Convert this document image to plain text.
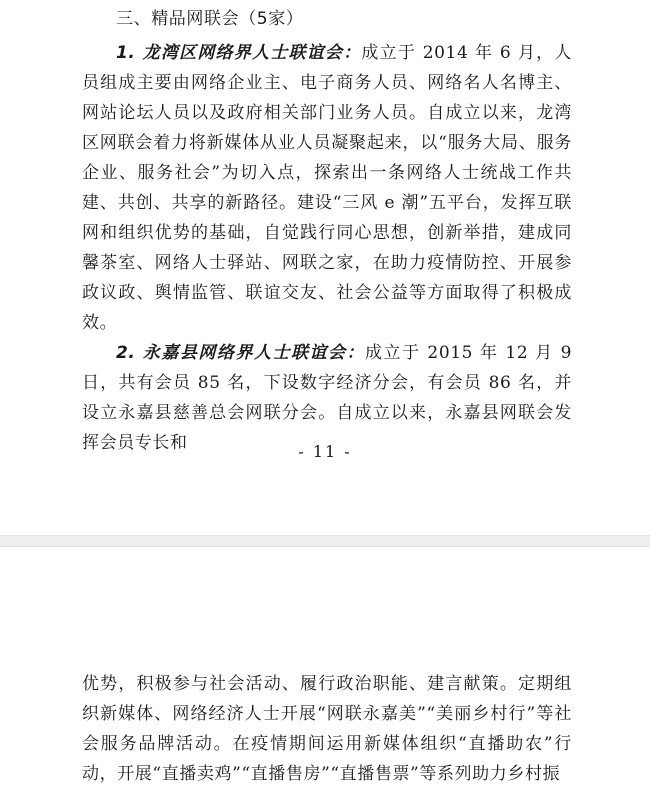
三、精品网联会（5家）

1. 龙湾区网络界人士联谊会：成立于 2014 年 6 月，人员组成主要由网络企业主、电子商务人员、网络名人名博主、网站论坛人员以及政府相关部门业务人员。自成立以来，龙湾区网联会着力将新媒体从业人员凝聚起来，以“服务大局、服务企业、服务社会”为切入点，探索出一条网络人士统战工作共建、共创、共享的新路径。建设“三风 e 潮”五平台，发挥互联网和组织优势的基础，自觉践行同心思想，创新举措，建成同馨茶室、网络人士驿站、网联之家，在助力疫情防控、开展参政议政、舆情监管、联谊交友、社会公益等方面取得了积极成效。

2. 永嘉县网络界人士联谊会：成立于 2015 年 12 月 9 日，共有会员 85 名，下设数字经济分会，有会员 86 名，并设立永嘉县慈善总会网联分会。自成立以来，永嘉县网联会发挥会员专长和	- 11 -

优势，积极参与社会活动、履行政治职能、建言献策。定期组织新媒体、网络经济人士开展“网联永嘉美”“美丽乡村行”等社会服务品牌活动。在疫情期间运用新媒体组织“直播助农”行动，开展“直播卖鸡”“直播售房”“直播售票”等系列助力乡村振
